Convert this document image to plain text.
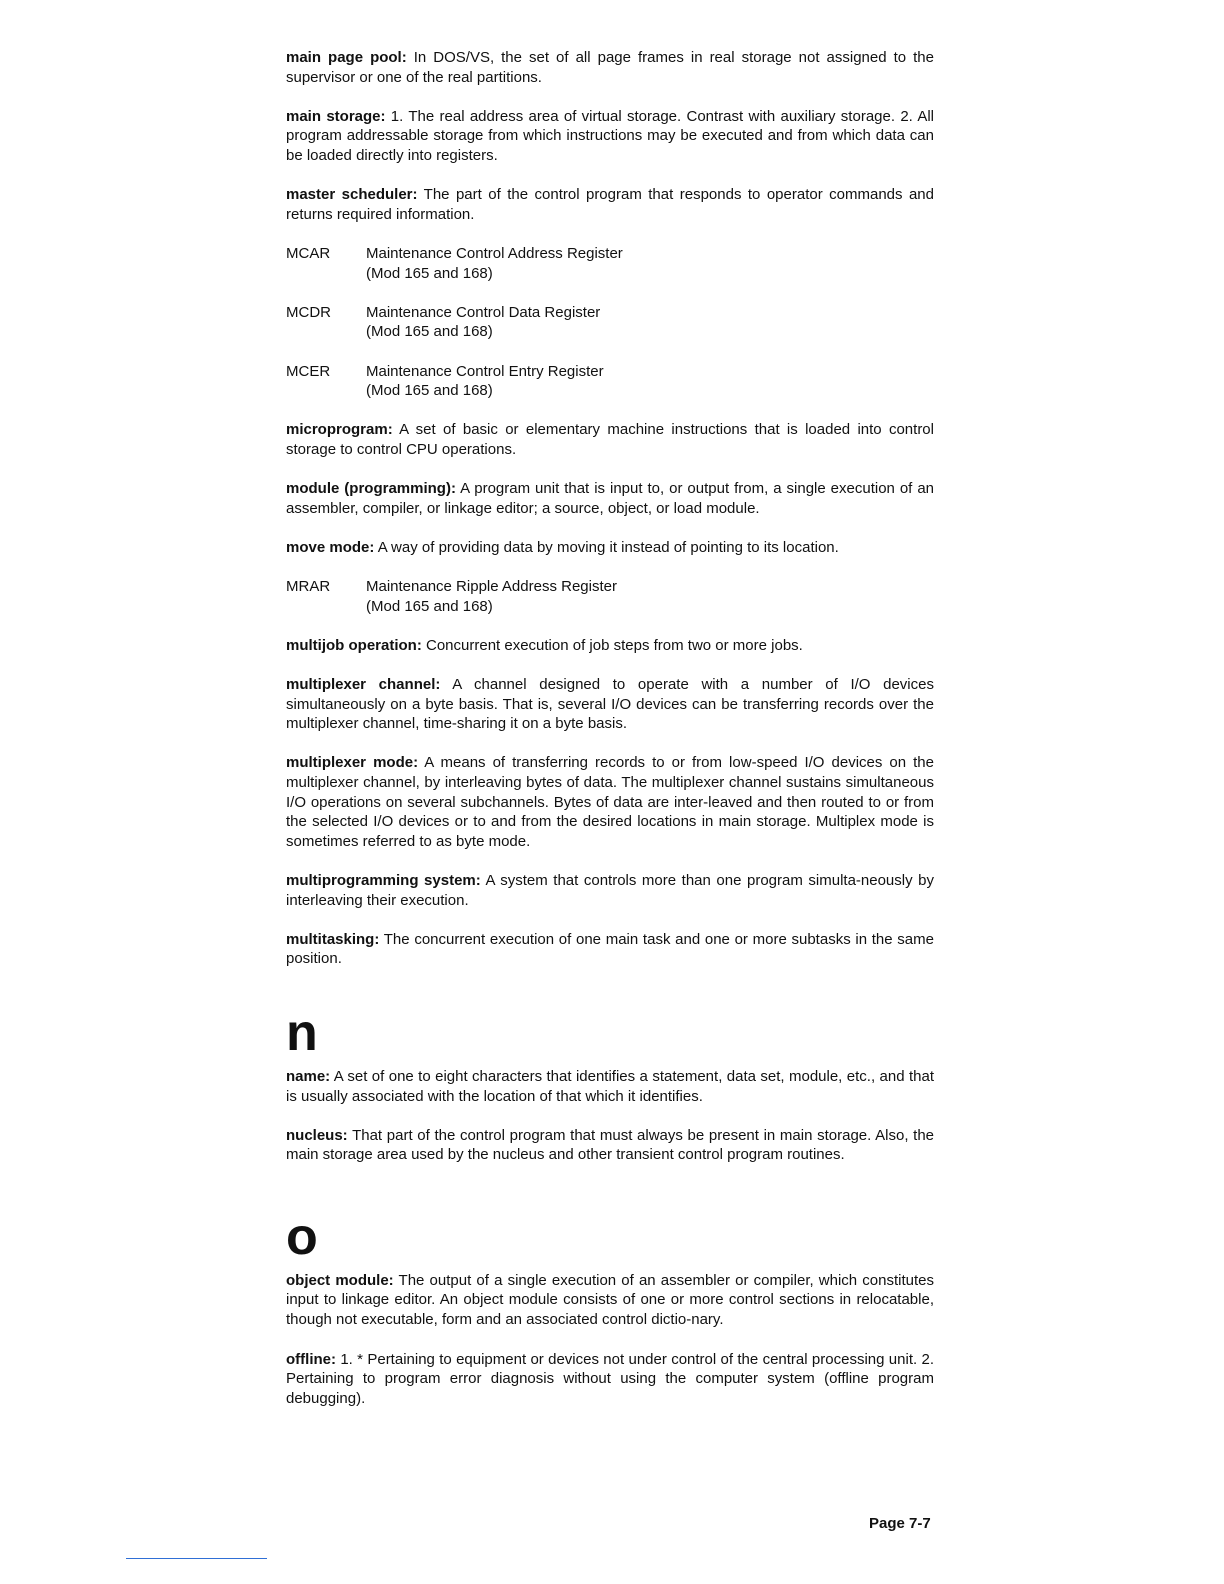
main page pool: In DOS/VS, the set of all page frames in real storage not assigned to the supervisor or one of the real partitions.
main storage: 1. The real address area of virtual storage. Contrast with auxiliary storage. 2. All program addressable storage from which instructions may be executed and from which data can be loaded directly into registers.
master scheduler: The part of the control program that responds to operator commands and returns required information.
MCAR	Maintenance Control Address Register
(Mod 165 and 168)
MCDR	Maintenance Control Data Register
(Mod 165 and 168)
MCER	Maintenance Control Entry Register
(Mod 165 and 168)
microprogram: A set of basic or elementary machine instructions that is loaded into control storage to control CPU operations.
module (programming): A program unit that is input to, or output from, a single execution of an assembler, compiler, or linkage editor; a source, object, or load module.
move mode: A way of providing data by moving it instead of pointing to its location.
MRAR	Maintenance Ripple Address Register
(Mod 165 and 168)
multijob operation: Concurrent execution of job steps from two or more jobs.
multiplexer channel: A channel designed to operate with a number of I/O devices simultaneously on a byte basis. That is, several I/O devices can be transferring records over the multiplexer channel, time-sharing it on a byte basis.
multiplexer mode: A means of transferring records to or from low-speed I/O devices on the multiplexer channel, by interleaving bytes of data. The multiplexer channel sustains simultaneous I/O operations on several subchannels. Bytes of data are inter-leaved and then routed to or from the selected I/O devices or to and from the desired locations in main storage. Multiplex mode is sometimes referred to as byte mode.
multiprogramming system: A system that controls more than one program simulta-neously by interleaving their execution.
multitasking: The concurrent execution of one main task and one or more subtasks in the same position.
n
name: A set of one to eight characters that identifies a statement, data set, module, etc., and that is usually associated with the location of that which it identifies.
nucleus: That part of the control program that must always be present in main storage. Also, the main storage area used by the nucleus and other transient control program routines.
o
object module: The output of a single execution of an assembler or compiler, which constitutes input to linkage editor. An object module consists of one or more control sections in relocatable, though not executable, form and an associated control dictio-nary.
offline: 1. * Pertaining to equipment or devices not under control of the central processing unit. 2. Pertaining to program error diagnosis without using the computer system (offline program debugging).
Page 7-7
